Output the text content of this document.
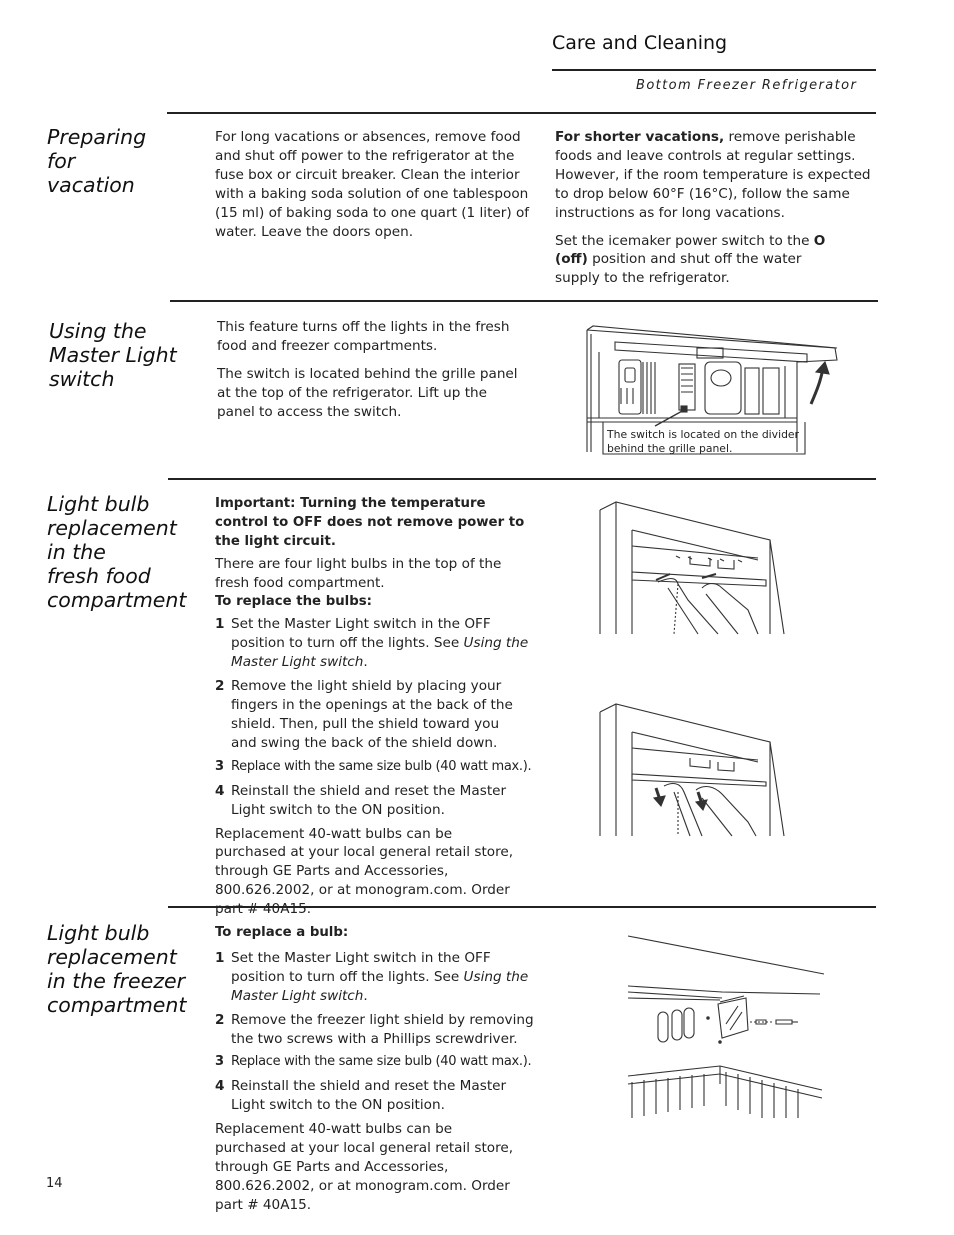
Care and Cleaning
Bottom Freezer Refrigerator
Preparing
for
vacation

For long vacations or absences, remove food and shut off power to the refrigerator at the fuse box or circuit breaker. Clean the interior with a baking soda solution of one tablespoon (15 ml) of baking soda to one quart (1 liter) of water. Leave the doors open.

For shorter vacations, remove perishable foods and leave controls at regular settings. However, if the room temperature is expected to drop below 60°F (16°C), follow the same instructions as for long vacations.

Set the icemaker power switch to the O (off) position and shut off the water supply to the refrigerator.

Using the
Master Light
switch

This feature turns off the lights in the fresh food and freezer compartments.

The switch is located behind the grille panel at the top of the refrigerator. Lift up the panel to access the switch.

The switch is located on the divider
behind the grille panel.
Light bulb
replacement
in the
fresh food
compartment

Important: Turning the temperature control to OFF does not remove power to the light circuit.

There are four light bulbs in the top of the fresh food compartment.

To replace the bulbs:

1 Set the Master Light switch in the OFF position to turn off the lights. See Using the Master Light switch.
2 Remove the light shield by placing your fingers in the openings at the back of the shield. Then, pull the shield toward you and swing the back of the shield down.
3 Replace with the same size bulb (40 watt max.).
4 Reinstall the shield and reset the Master Light switch to the ON position.

Replacement 40-watt bulbs can be purchased at your local general retail store, through GE Parts and Accessories, 800.626.2002, or at monogram.com. Order part # 40A15.

Light bulb
replacement
in the freezer
compartment

To replace a bulb:

1 Set the Master Light switch in the OFF position to turn off the lights. See Using the Master Light switch.
2 Remove the freezer light shield by removing the two screws with a Phillips screwdriver.
3 Replace with the same size bulb (40 watt max.).
4 Reinstall the shield and reset the Master Light switch to the ON position.

Replacement 40-watt bulbs can be purchased at your local general retail store, through GE Parts and Accessories, 800.626.2002, or at monogram.com. Order part # 40A15.

14
